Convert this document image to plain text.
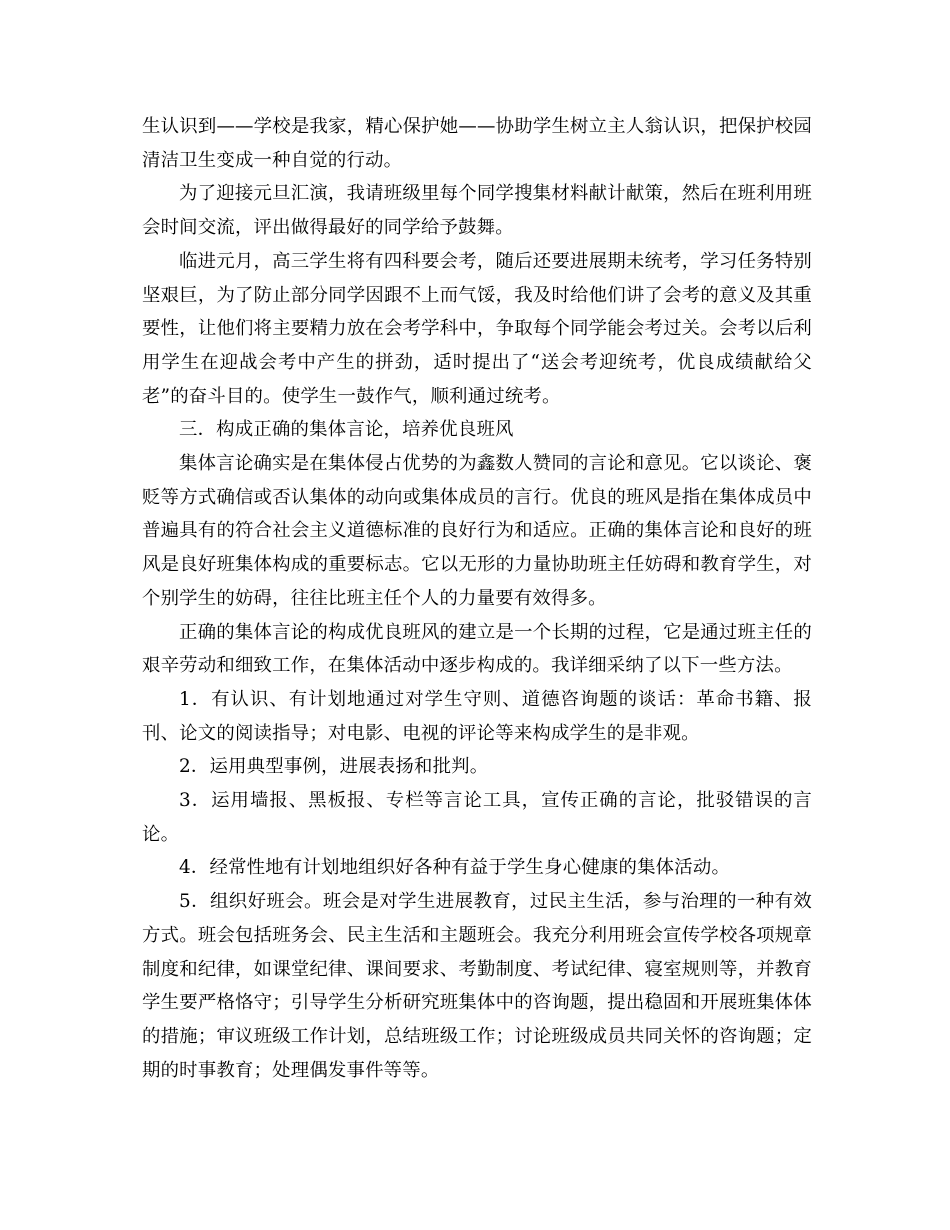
生认识到——学校是我家，精心保护她——协助学生树立主人翁认识，把保护校园清洁卫生变成一种自觉的行动。

为了迎接元旦汇演，我请班级里每个同学搜集材料献计献策，然后在班利用班会时间交流，评出做得最好的同学给予鼓舞。

临进元月，高三学生将有四科要会考，随后还要进展期未统考，学习任务特别坚艰巨，为了防止部分同学因跟不上而气馁，我及时给他们讲了会考的意义及其重要性，让他们将主要精力放在会考学科中，争取每个同学能会考过关。会考以后利用学生在迎战会考中产生的拼劲，适时提出了“送会考迎统考，优良成绩献给父老”的奋斗目的。使学生一鼓作气，顺利通过统考。

三．构成正确的集体言论，培养优良班风

集体言论确实是在集体侵占优势的为鑫数人赞同的言论和意见。它以谈论、褒贬等方式确信或否认集体的动向或集体成员的言行。优良的班风是指在集体成员中普遍具有的符合社会主义道德标准的良好行为和适应。正确的集体言论和良好的班风是良好班集体构成的重要标志。它以无形的力量协助班主任妨碍和教育学生，对个别学生的妨碍，往往比班主任个人的力量要有效得多。

正确的集体言论的构成优良班风的建立是一个长期的过程，它是通过班主任的艰辛劳动和细致工作，在集体活动中逐步构成的。我详细采纳了以下一些方法。

1．有认识、有计划地通过对学生守则、道德咨询题的谈话：革命书籍、报刊、论文的阅读指导；对电影、电视的评论等来构成学生的是非观。

2．运用典型事例，进展表扬和批判。

3．运用墙报、黑板报、专栏等言论工具，宣传正确的言论，批驳错误的言论。

4．经常性地有计划地组织好各种有益于学生身心健康的集体活动。

5．组织好班会。班会是对学生进展教育，过民主生活，参与治理的一种有效方式。班会包括班务会、民主生活和主题班会。我充分利用班会宣传学校各项规章制度和纪律，如课堂纪律、课间要求、考勤制度、考试纪律、寝室规则等，并教育学生要严格恪守；引导学生分析研究班集体中的咨询题，提出稳固和开展班集体体的措施；审议班级工作计划，总结班级工作；讨论班级成员共同关怀的咨询题；定期的时事教育；处理偶发事件等等。
